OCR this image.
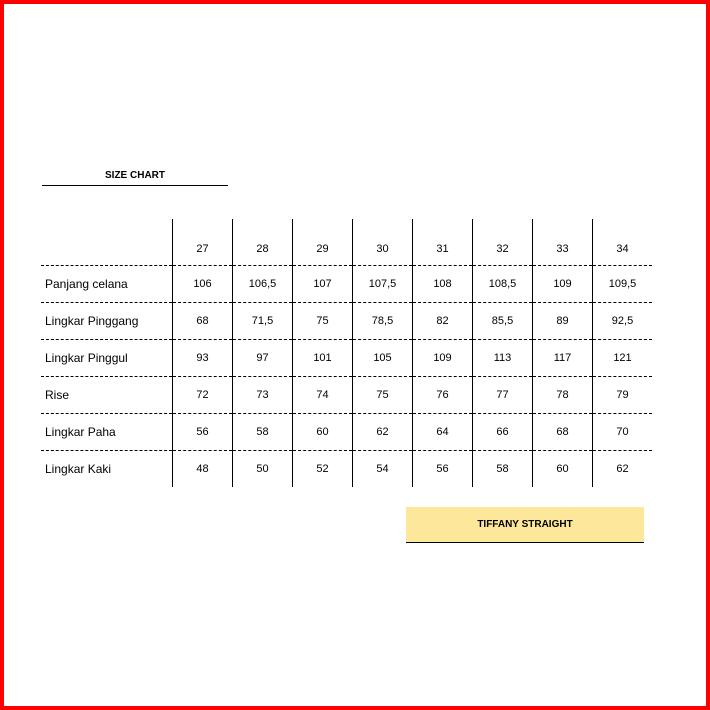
SIZE CHART
	27	28	29	30	31	32	33	34
Panjang celana	106	106,5	107	107,5	108	108,5	109	109,5
Lingkar Pinggang	68	71,5	75	78,5	82	85,5	89	92,5
Lingkar Pinggul	93	97	101	105	109	113	117	121
Rise	72	73	74	75	76	77	78	79
Lingkar Paha	56	58	60	62	64	66	68	70
Lingkar Kaki	48	50	52	54	56	58	60	62
TIFFANY STRAIGHT
